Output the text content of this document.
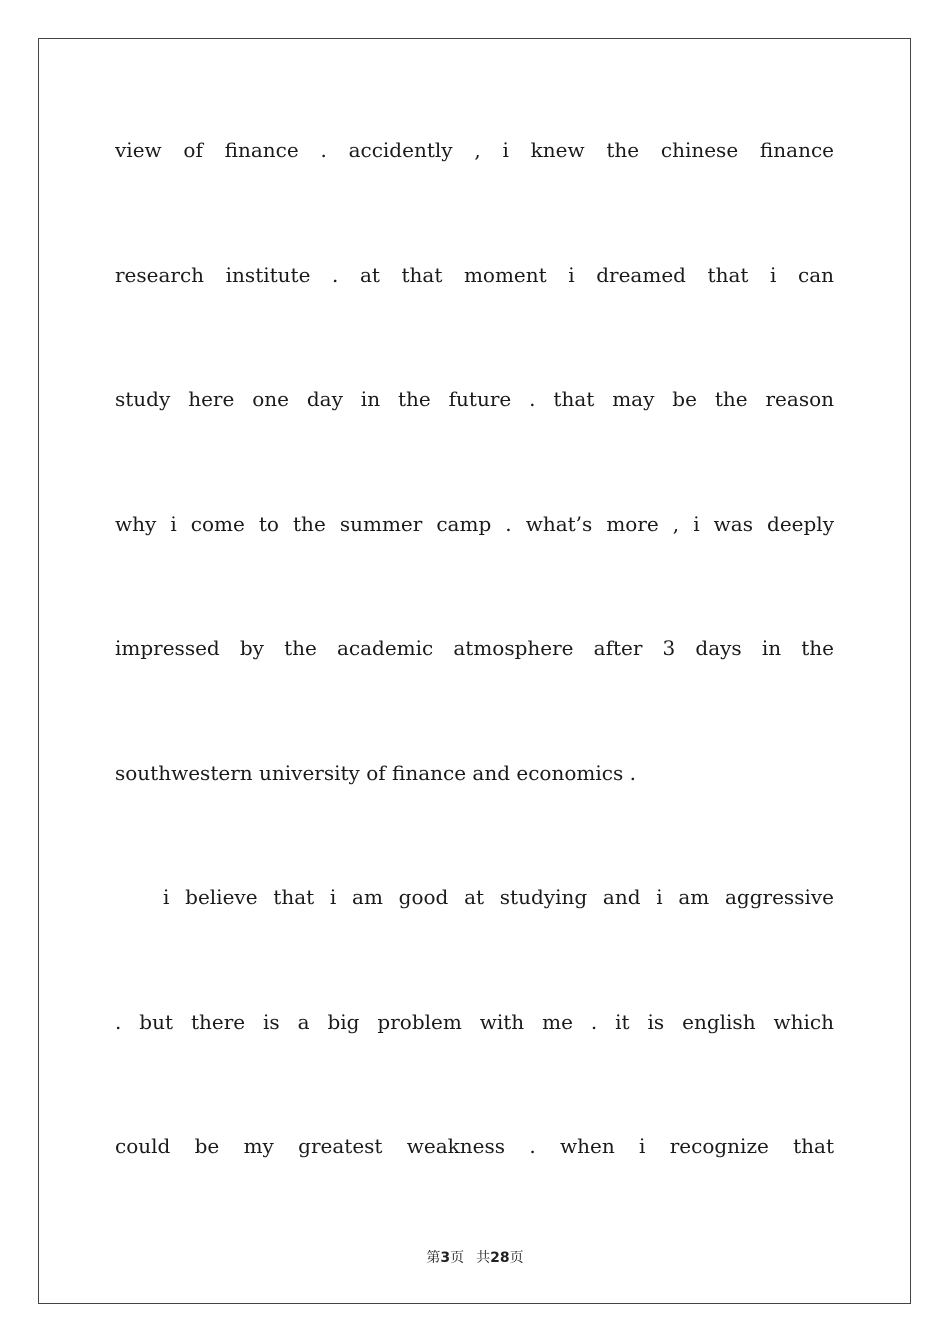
view of finance . accidently , i knew the chinese finance
research institute . at that moment i dreamed that i can
study here one day in the future . that may be the reason
why i come to the summer camp . what’s more , i was deeply
impressed by the academic atmosphere after 3 days in the
southwestern university of finance and economics .
i believe that i am good at studying and i am aggressive
. but there is a big problem with me . it is english which
could be my greatest weakness . when i recognize that
第3页 共28页
